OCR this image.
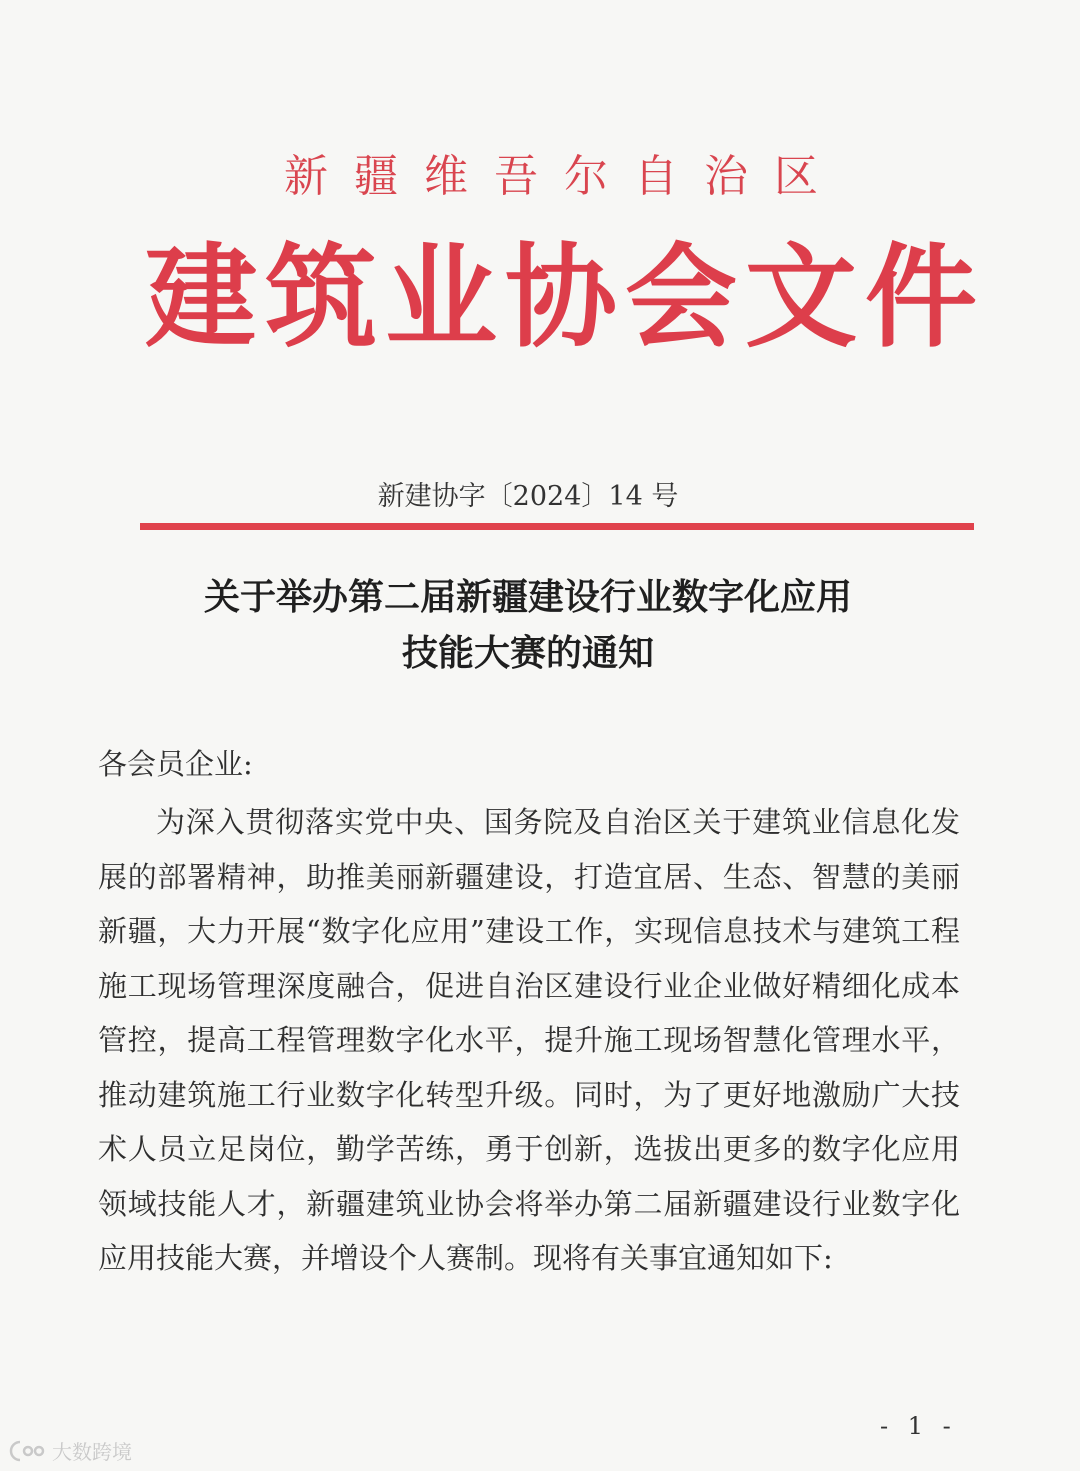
新疆维吾尔自治区
建筑业协会文件
新建协字〔2024〕14 号
关于举办第二届新疆建设行业数字化应用
技能大赛的通知
各会员企业:

为深入贯彻落实党中央、国务院及自治区关于建筑业信息化发展的部署精神，助推美丽新疆建设，打造宜居、生态、智慧的美丽新疆，大力开展“数字化应用”建设工作，实现信息技术与建筑工程施工现场管理深度融合，促进自治区建设行业企业做好精细化成本管控，提高工程管理数字化水平，提升施工现场智慧化管理水平，推动建筑施工行业数字化转型升级。同时，为了更好地激励广大技术人员立足岗位，勤学苦练，勇于创新，选拔出更多的数字化应用领域技能人才，新疆建筑业协会将举办第二届新疆建设行业数字化应用技能大赛，并增设个人赛制。现将有关事宜通知如下:

- 1 -
大数跨境
